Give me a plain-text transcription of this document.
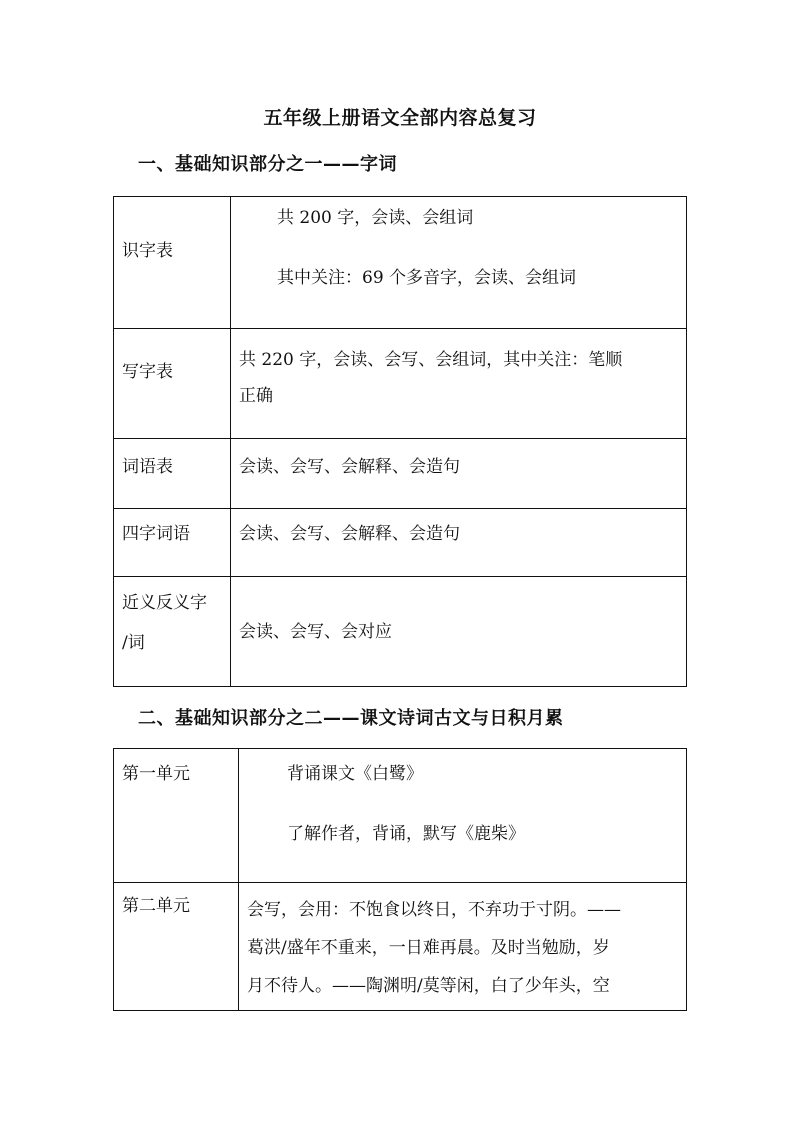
五年级上册语文全部内容总复习
一、基础知识部分之一——字词
识字表	共 200 字，会读、会组词
其中关注：69 个多音字，会读、会组词

写字表	共 220 字，会读、会写、会组词，其中关注：笔顺
正确

词语表	会读、会写、会解释、会造句

四字词语	会读、会写、会解释、会造句

近义反义字
/词	会读、会写、会对应
二、基础知识部分之二——课文诗词古文与日积月累
第一单元	背诵课文《白鹭》
了解作者，背诵，默写《鹿柴》

第二单元	会写，会用：不饱食以终日，不弃功于寸阴。——
葛洪/盛年不重来，一日难再晨。及时当勉励，岁
月不待人。——陶渊明/莫等闲，白了少年头，空
